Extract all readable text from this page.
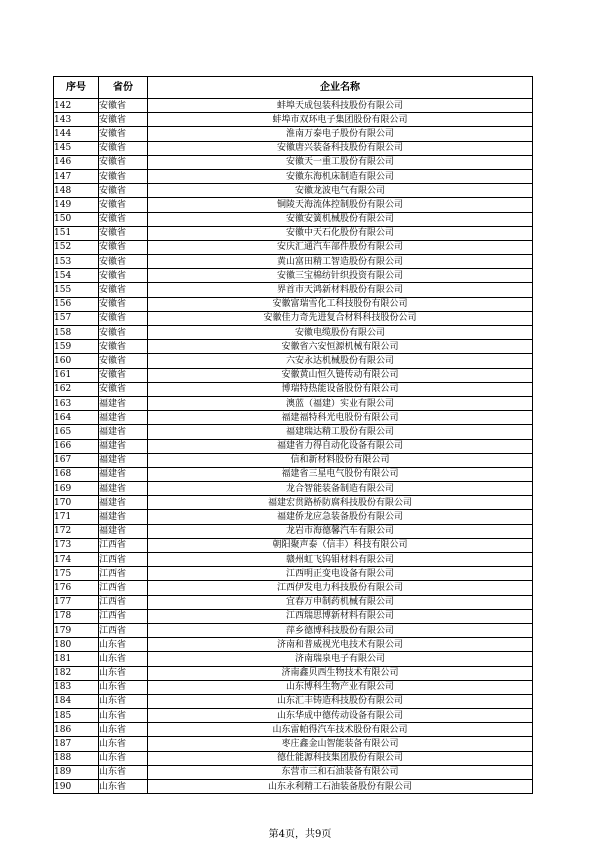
序号	省份	企业名称
142	安徽省	蚌埠天成包装科技股份有限公司
143	安徽省	蚌埠市双环电子集团股份有限公司
144	安徽省	淮南万泰电子股份有限公司
145	安徽省	安徽唐兴装备科技股份有限公司
146	安徽省	安徽天一重工股份有限公司
147	安徽省	安徽东海机床制造有限公司
148	安徽省	安徽龙波电气有限公司
149	安徽省	铜陵天海流体控制股份有限公司
150	安徽省	安徽安簧机械股份有限公司
151	安徽省	安徽中天石化股份有限公司
152	安徽省	安庆汇通汽车部件股份有限公司
153	安徽省	黄山富田精工智造股份有限公司
154	安徽省	安徽三宝棉纺针织投资有限公司
155	安徽省	界首市天鸿新材料股份有限公司
156	安徽省	安徽富瑞雪化工科技股份有限公司
157	安徽省	安徽佳力奇先进复合材料科技股份公司
158	安徽省	安徽电缆股份有限公司
159	安徽省	安徽省六安恒源机械有限公司
160	安徽省	六安永达机械股份有限公司
161	安徽省	安徽黄山恒久链传动有限公司
162	安徽省	博瑞特热能设备股份有限公司
163	福建省	澳蓝（福建）实业有限公司
164	福建省	福建福特科光电股份有限公司
165	福建省	福建瑞达精工股份有限公司
166	福建省	福建省力得自动化设备有限公司
167	福建省	信和新材料股份有限公司
168	福建省	福建省三星电气股份有限公司
169	福建省	龙合智能装备制造有限公司
170	福建省	福建宏贯路桥防腐科技股份有限公司
171	福建省	福建侨龙应急装备股份有限公司
172	福建省	龙岩市海德馨汽车有限公司
173	江西省	朝阳聚声泰（信丰）科技有限公司
174	江西省	赣州虹飞钨钼材料有限公司
175	江西省	江西明正变电设备有限公司
176	江西省	江西伊发电力科技股份有限公司
177	江西省	宜春万申制药机械有限公司
178	江西省	江西瑞思博新材料有限公司
179	江西省	萍乡德博科技股份有限公司
180	山东省	济南和普威视光电技术有限公司
181	山东省	济南瑞泉电子有限公司
182	山东省	济南鑫贝西生物技术有限公司
183	山东省	山东博科生物产业有限公司
184	山东省	山东汇丰铸造科技股份有限公司
185	山东省	山东华成中德传动设备有限公司
186	山东省	山东雷帕得汽车技术股份有限公司
187	山东省	枣庄鑫金山智能装备有限公司
188	山东省	德仕能源科技集团股份有限公司
189	山东省	东营市三和石油装备有限公司
190	山东省	山东永利精工石油装备股份有限公司
第4页，共9页
